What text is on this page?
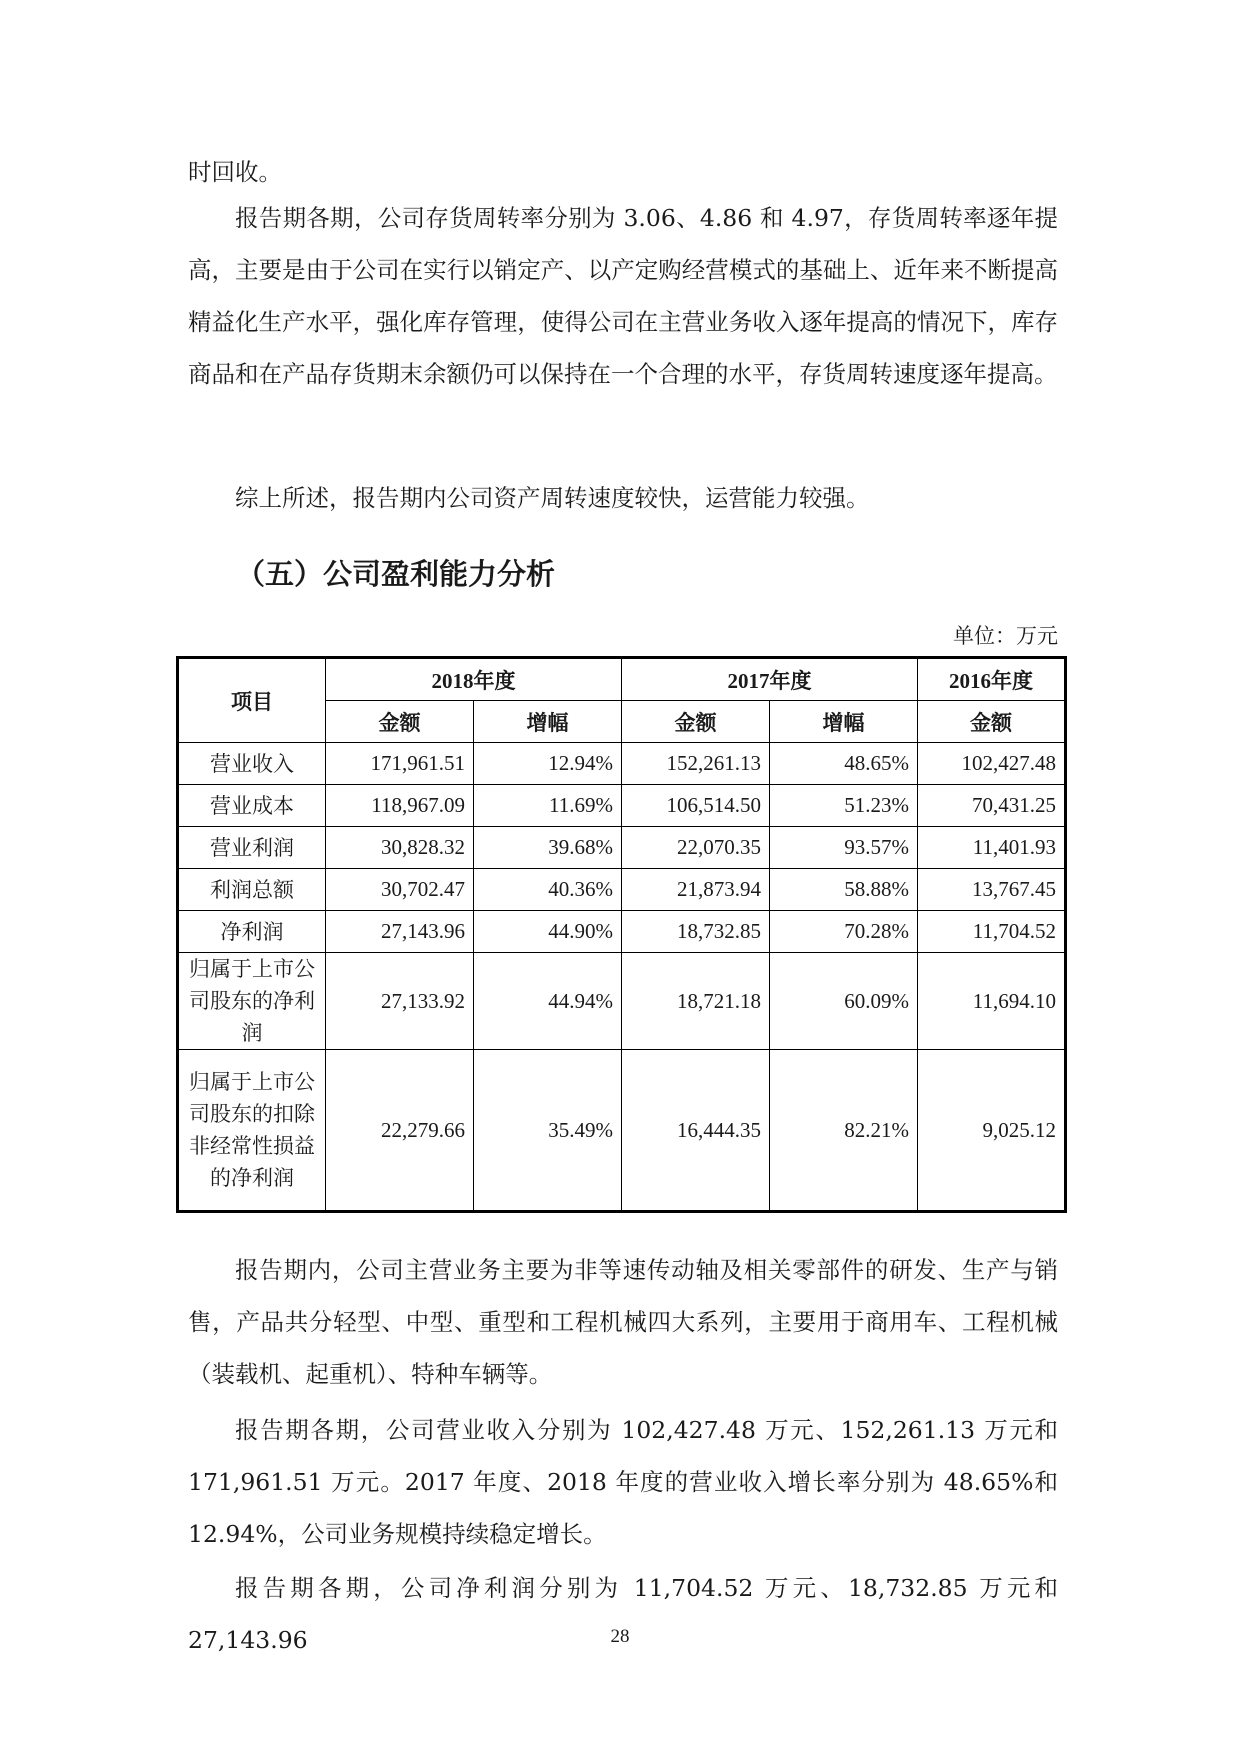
时回收。

报告期各期，公司存货周转率分别为 3.06、4.86 和 4.97，存货周转率逐年提高，主要是由于公司在实行以销定产、以产定购经营模式的基础上、近年来不断提高精益化生产水平，强化库存管理，使得公司在主营业务收入逐年提高的情况下，库存商品和在产品存货期末余额仍可以保持在一个合理的水平，存货周转速度逐年提高。

综上所述，报告期内公司资产周转速度较快，运营能力较强。

（五）公司盈利能力分析

单位：万元

项目	2018年度		2017年度		2016年度
	金额	增幅	金额	增幅	金额
营业收入	171,961.51	12.94%	152,261.13	48.65%	102,427.48
营业成本	118,967.09	11.69%	106,514.50	51.23%	70,431.25
营业利润	30,828.32	39.68%	22,070.35	93.57%	11,401.93
利润总额	30,702.47	40.36%	21,873.94	58.88%	13,767.45
净利润	27,143.96	44.90%	18,732.85	70.28%	11,704.52
归属于上市公司股东的净利润	27,133.92	44.94%	18,721.18	60.09%	11,694.10
归属于上市公司股东的扣除非经常性损益的净利润	22,279.66	35.49%	16,444.35	82.21%	9,025.12

报告期内，公司主营业务主要为非等速传动轴及相关零部件的研发、生产与销售，产品共分轻型、中型、重型和工程机械四大系列，主要用于商用车、工程机械（装载机、起重机）、特种车辆等。

报告期各期，公司营业收入分别为 102,427.48 万元、152,261.13 万元和 171,961.51 万元。2017 年度、2018 年度的营业收入增长率分别为 48.65%和 12.94%，公司业务规模持续稳定增长。

报告期各期，公司净利润分别为 11,704.52 万元、18,732.85 万元和 27,143.96	28
